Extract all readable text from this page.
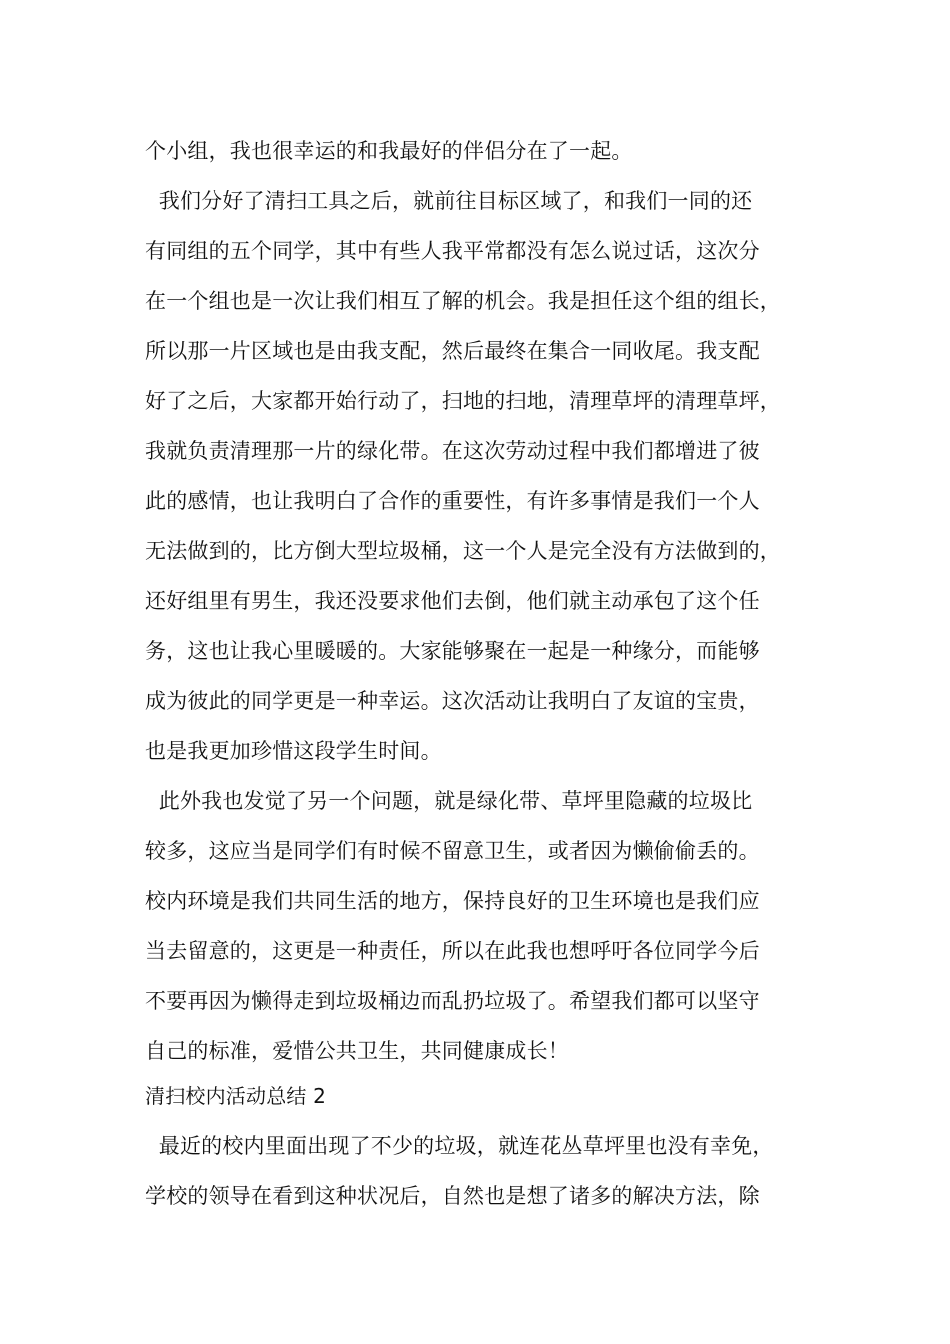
个小组，我也很幸运的和我最好的伴侣分在了一起。
我们分好了清扫工具之后，就前往目标区域了，和我们一同的还
有同组的五个同学，其中有些人我平常都没有怎么说过话，这次分
在一个组也是一次让我们相互了解的机会。我是担任这个组的组长，
所以那一片区域也是由我支配，然后最终在集合一同收尾。我支配
好了之后，大家都开始行动了，扫地的扫地，清理草坪的清理草坪，
我就负责清理那一片的绿化带。在这次劳动过程中我们都增进了彼
此的感情，也让我明白了合作的重要性，有许多事情是我们一个人
无法做到的，比方倒大型垃圾桶，这一个人是完全没有方法做到的，
还好组里有男生，我还没要求他们去倒，他们就主动承包了这个任
务，这也让我心里暖暖的。大家能够聚在一起是一种缘分，而能够
成为彼此的同学更是一种幸运。这次活动让我明白了友谊的宝贵，
也是我更加珍惜这段学生时间。
此外我也发觉了另一个问题，就是绿化带、草坪里隐藏的垃圾比
较多，这应当是同学们有时候不留意卫生，或者因为懒偷偷丢的。
校内环境是我们共同生活的地方，保持良好的卫生环境也是我们应
当去留意的，这更是一种责任，所以在此我也想呼吁各位同学今后
不要再因为懒得走到垃圾桶边而乱扔垃圾了。希望我们都可以坚守
自己的标准，爱惜公共卫生，共同健康成长！
清扫校内活动总结 2
最近的校内里面出现了不少的垃圾，就连花丛草坪里也没有幸免，
学校的领导在看到这种状况后，自然也是想了诸多的解决方法，除
